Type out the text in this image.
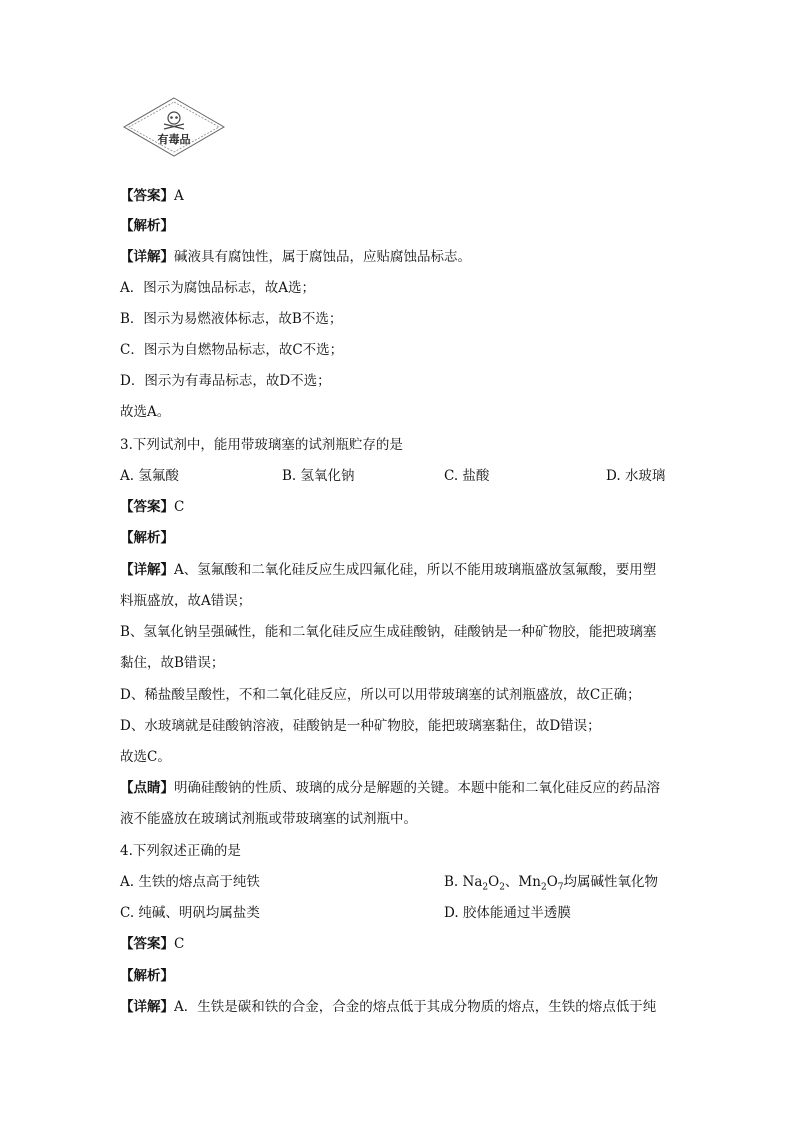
有毒品
【答案】A
【解析】
【详解】碱液具有腐蚀性，属于腐蚀品，应贴腐蚀品标志。
A．图示为腐蚀品标志，故A选；
B．图示为易燃液体标志，故B不选；
C．图示为自燃物品标志，故C不选；
D．图示为有毒品标志，故D不选；
故选A。
3.下列试剂中，能用带玻璃塞的试剂瓶贮存的是
A. 氢氟酸	B. 氢氧化钠	C. 盐酸	D. 水玻璃
【答案】C
【解析】
【详解】A、氢氟酸和二氧化硅反应生成四氟化硅，所以不能用玻璃瓶盛放氢氟酸，要用塑
料瓶盛放，故A错误；
B、氢氧化钠呈强碱性，能和二氧化硅反应生成硅酸钠，硅酸钠是一种矿物胶，能把玻璃塞
黏住，故B错误；
D、稀盐酸呈酸性，不和二氧化硅反应，所以可以用带玻璃塞的试剂瓶盛放，故C正确；
D、水玻璃就是硅酸钠溶液，硅酸钠是一种矿物胶，能把玻璃塞黏住，故D错误；
故选C。
【点睛】明确硅酸钠的性质、玻璃的成分是解题的关键。本题中能和二氧化硅反应的药品溶
液不能盛放在玻璃试剂瓶或带玻璃塞的试剂瓶中。
4.下列叙述正确的是
A. 生铁的熔点高于纯铁	B. $Na_2O_2$、$Mn_2O_7$均属碱性氧化物
C. 纯碱、明矾均属盐类	D. 胶体能通过半透膜
【答案】C
【解析】
【详解】A．生铁是碳和铁的合金，合金的熔点低于其成分物质的熔点，生铁的熔点低于纯
